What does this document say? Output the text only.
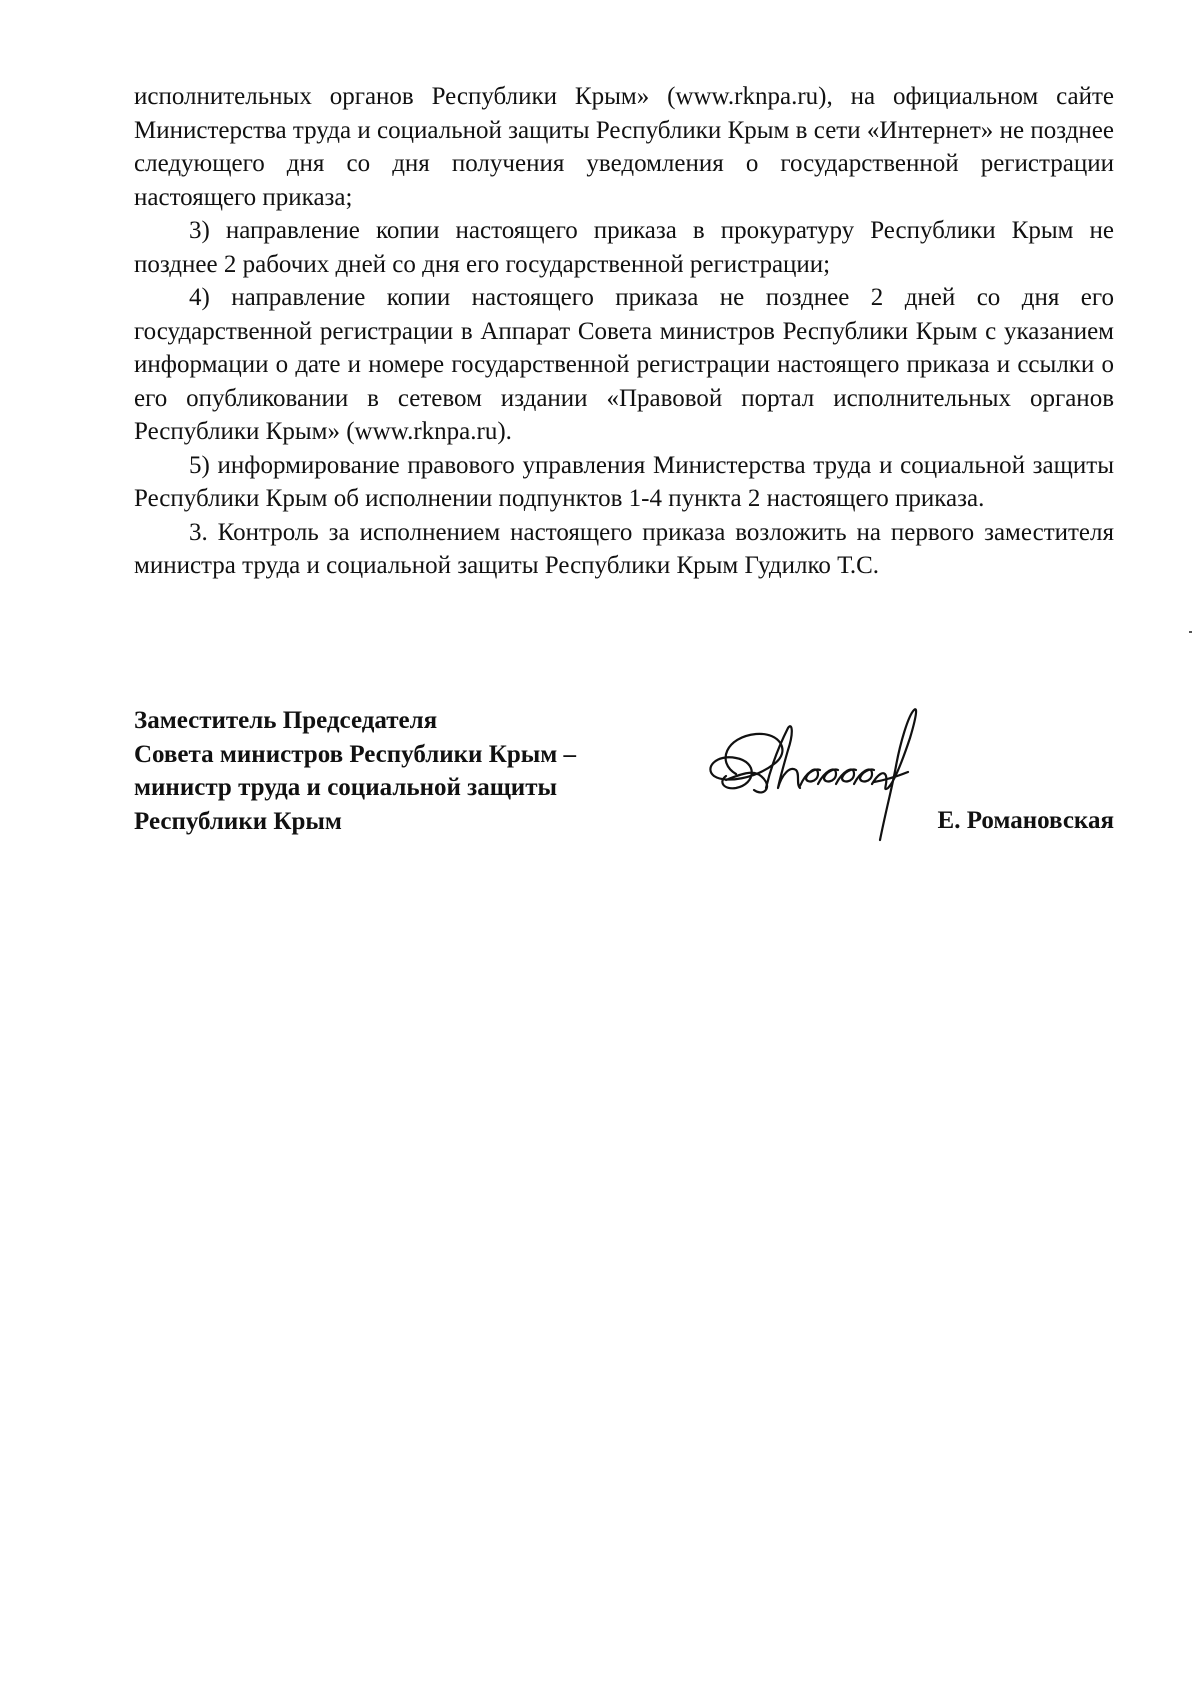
исполнительных органов Республики Крым» (www.rknpa.ru), на официальном сайте Министерства труда и социальной защиты Республики Крым в сети «Интернет» не позднее следующего дня со дня получения уведомления о государственной регистрации настоящего приказа;

3) направление копии настоящего приказа в прокуратуру Республики Крым не позднее 2 рабочих дней со дня его государственной регистрации;

4) направление копии настоящего приказа не позднее 2 дней со дня его государственной регистрации в Аппарат Совета министров Республики Крым с указанием информации о дате и номере государственной регистрации настоящего приказа и ссылки о его опубликовании в сетевом издании «Правовой портал исполнительных органов Республики Крым» (www.rknpa.ru).

5) информирование правового управления Министерства труда и социальной защиты Республики Крым об исполнении подпунктов 1-4 пункта 2 настоящего приказа.

3. Контроль за исполнением настоящего приказа возложить на первого заместителя министра труда и социальной защиты Республики Крым Гудилко Т.С.

Заместитель Председателя
Совета министров Республики Крым –
министр труда и социальной защиты
Республики Крым	Е. Романовская
